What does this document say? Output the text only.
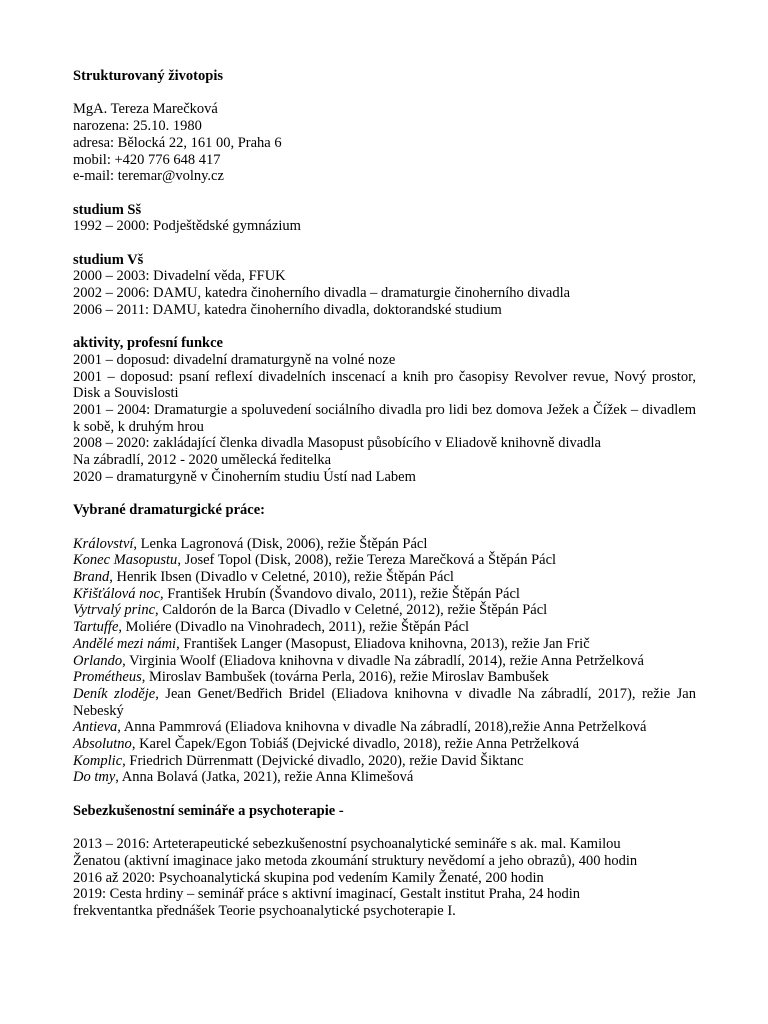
Strukturovaný životopis
MgA. Tereza Marečková
narozena: 25.10. 1980
adresa: Bělocká 22, 161 00, Praha 6
mobil: +420 776 648 417
e-mail: teremar@volny.cz
studium Sš
1992 – 2000: Podještědské gymnázium
studium Vš
2000 – 2003: Divadelní věda, FFUK
2002 – 2006: DAMU, katedra činoherního divadla – dramaturgie činoherního divadla
2006 – 2011: DAMU, katedra činoherního divadla, doktorandské studium
aktivity, profesní funkce
2001 – doposud: divadelní dramaturgyně na volné noze
2001 – doposud: psaní reflexí divadelních inscenací a knih pro časopisy Revolver revue, Nový prostor, Disk a Souvislosti
2001 – 2004: Dramaturgie a spoluvedení sociálního divadla pro lidi bez domova Ježek a Čížek – divadlem k sobě, k druhým hrou
2008 – 2020: zakládající členka divadla Masopust působícího v Eliadově knihovně divadla
Na zábradlí, 2012 - 2020 umělecká ředitelka
2020 – dramaturgyně v Činoherním studiu Ústí nad Labem
Vybrané dramaturgické práce:
Království, Lenka Lagronová (Disk, 2006), režie Štěpán Pácl
Konec Masopustu, Josef Topol (Disk, 2008), režie Tereza Marečková a Štěpán Pácl
Brand, Henrik Ibsen (Divadlo v Celetné, 2010), režie Štěpán Pácl
Křišťálová noc, František Hrubín (Švandovo divalo, 2011), režie Štěpán Pácl
Vytrvalý princ, Caldorón de la Barca (Divadlo v Celetné, 2012), režie Štěpán Pácl
Tartuffe, Moliére (Divadlo na Vinohradech, 2011), režie Štěpán Pácl
Andělé mezi námi, František Langer (Masopust, Eliadova knihovna, 2013), režie Jan Frič
Orlando, Virginia Woolf (Eliadova knihovna v divadle Na zábradlí, 2014), režie Anna Petrželková
Prométheus, Miroslav Bambušek (továrna Perla, 2016), režie Miroslav Bambušek
Deník zloděje, Jean Genet/Bedřich Bridel (Eliadova knihovna v divadle Na zábradlí, 2017), režie Jan Nebeský
Antieva, Anna Pammrová (Eliadova knihovna v divadle Na zábradlí, 2018),režie Anna Petrželková
Absolutno, Karel Čapek/Egon Tobiáš (Dejvické divadlo, 2018), režie Anna Petrželková
Komplic, Friedrich Dürrenmatt (Dejvické divadlo, 2020), režie David Šiktanc
Do tmy, Anna Bolavá (Jatka, 2021), režie Anna Klimešová
Sebezkušenostní semináře a psychoterapie -
2013 – 2016: Arteterapeutické sebezkušenostní psychoanalytické semináře s ak. mal. Kamilou
Ženatou (aktivní imaginace jako metoda zkoumání struktury nevědomí a jeho obrazů), 400 hodin
2016 až 2020: Psychoanalytická skupina pod vedením Kamily Ženaté, 200 hodin
2019: Cesta hrdiny – seminář práce s aktivní imaginací, Gestalt institut Praha, 24 hodin
frekventantka přednášek Teorie psychoanalytické psychoterapie I.
